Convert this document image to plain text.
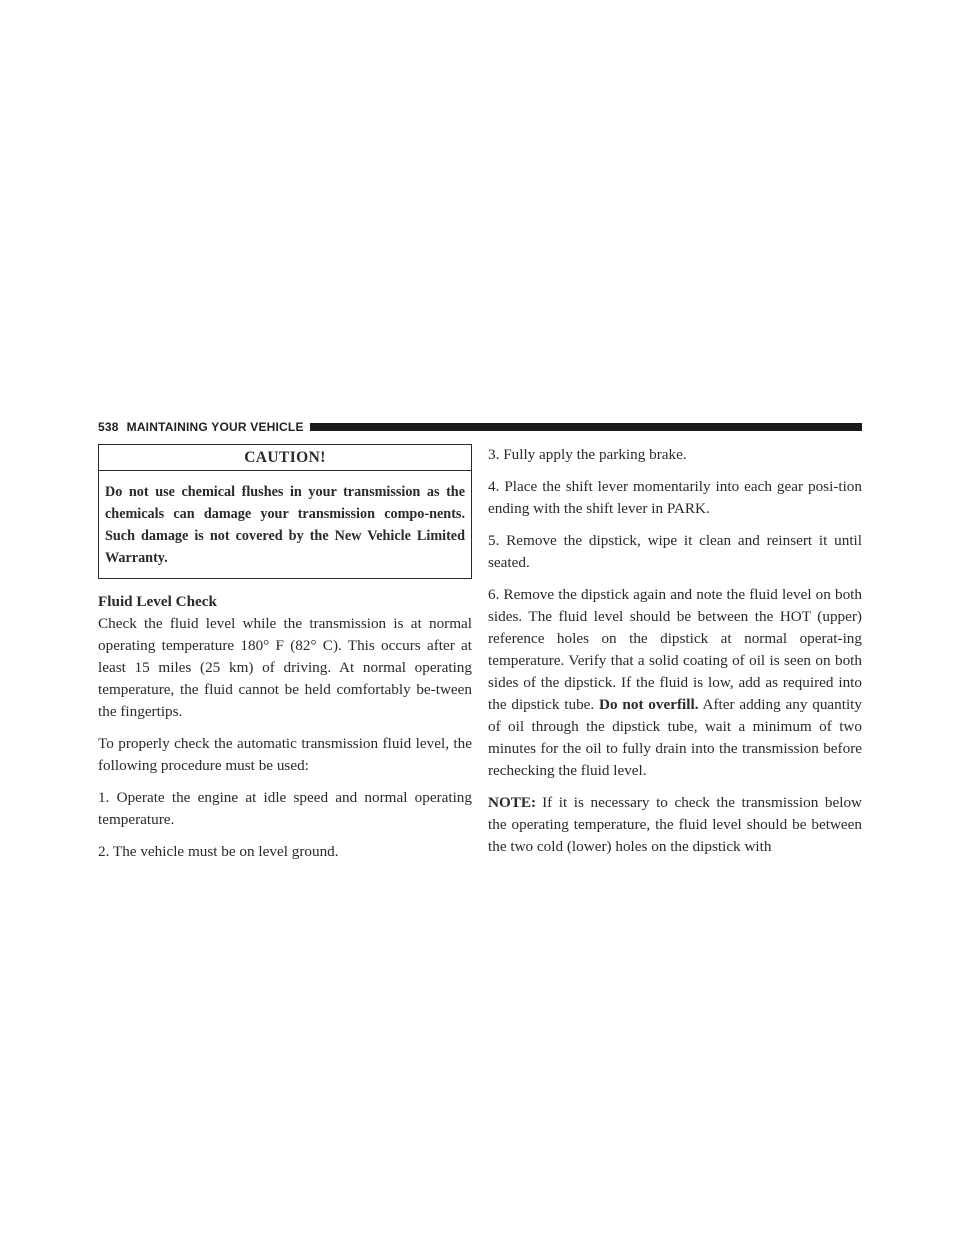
538 MAINTAINING YOUR VEHICLE
CAUTION!
Do not use chemical flushes in your transmission as the chemicals can damage your transmission compo-nents. Such damage is not covered by the New Vehicle Limited Warranty.
Fluid Level Check

Check the fluid level while the transmission is at normal operating temperature 180° F (82° C). This occurs after at least 15 miles (25 km) of driving. At normal operating temperature, the fluid cannot be held comfortably be-tween the fingertips.

To properly check the automatic transmission fluid level, the following procedure must be used:

1. Operate the engine at idle speed and normal operating temperature.

2. The vehicle must be on level ground.

3. Fully apply the parking brake.

4. Place the shift lever momentarily into each gear posi-tion ending with the shift lever in PARK.

5. Remove the dipstick, wipe it clean and reinsert it until seated.

6. Remove the dipstick again and note the fluid level on both sides. The fluid level should be between the HOT (upper) reference holes on the dipstick at normal operat-ing temperature. Verify that a solid coating of oil is seen on both sides of the dipstick. If the fluid is low, add as required into the dipstick tube. Do not overfill. After adding any quantity of oil through the dipstick tube, wait a minimum of two minutes for the oil to fully drain into the transmission before rechecking the fluid level.

NOTE: If it is necessary to check the transmission below the operating temperature, the fluid level should be between the two cold (lower) holes on the dipstick with
